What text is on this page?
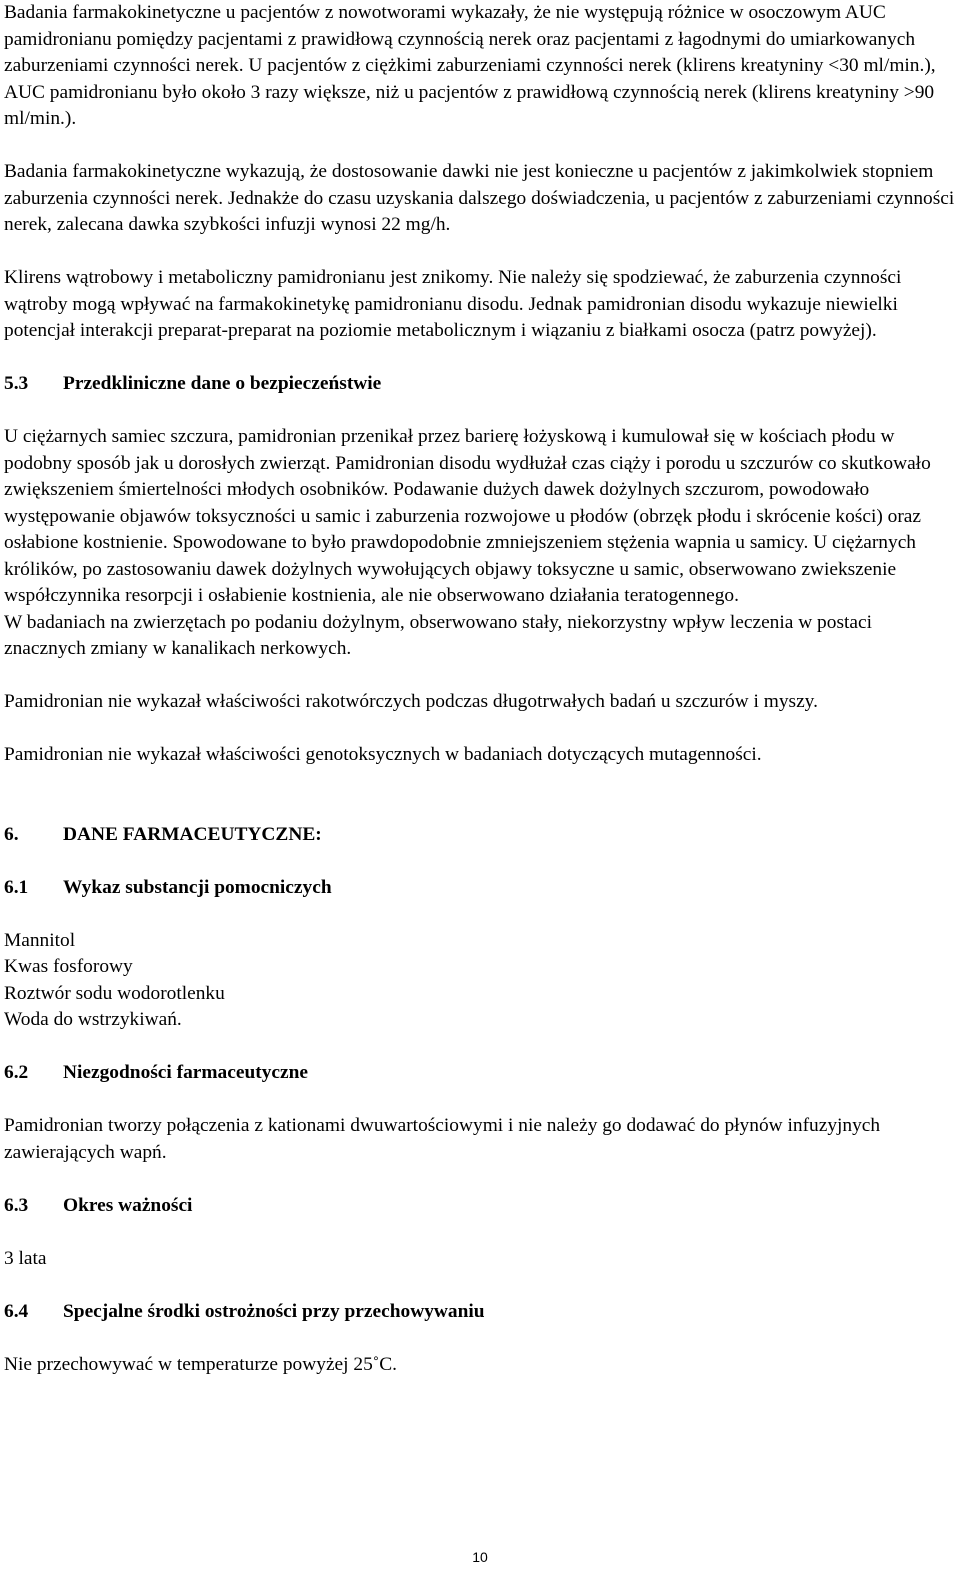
Badania farmakokinetyczne u pacjentów z nowotworami wykazały, że nie występują różnice w osoczowym AUC pamidronianu pomiędzy pacjentami z prawidłową czynnością nerek oraz pacjentami z łagodnymi do umiarkowanych zaburzeniami czynności nerek. U pacjentów z ciężkimi zaburzeniami czynności nerek (klirens kreatyniny <30 ml/min.), AUC pamidronianu było około 3 razy większe, niż u pacjentów z prawidłową czynnością nerek (klirens kreatyniny >90 ml/min.).

Badania farmakokinetyczne wykazują, że dostosowanie dawki nie jest konieczne u pacjentów z jakimkolwiek stopniem zaburzenia czynności nerek. Jednakże do czasu uzyskania dalszego doświadczenia, u pacjentów z zaburzeniami czynności nerek, zalecana dawka szybkości infuzji wynosi 22 mg/h.

Klirens wątrobowy i metaboliczny pamidronianu jest znikomy. Nie należy się spodziewać, że zaburzenia czynności wątroby mogą wpływać na farmakokinetykę pamidronianu disodu. Jednak pamidronian disodu wykazuje niewielki potencjał interakcji preparat-preparat na poziomie metabolicznym i wiązaniu z białkami osocza (patrz powyżej).

5.3	Przedkliniczne dane o bezpieczeństwie

U ciężarnych samiec szczura, pamidronian przenikał przez barierę łożyskową i kumulował się w kościach płodu w podobny sposób jak u dorosłych zwierząt. Pamidronian disodu wydłużał czas ciąży i porodu u szczurów co skutkowało zwiększeniem śmiertelności młodych osobników. Podawanie dużych dawek dożylnych szczurom, powodowało występowanie objawów toksyczności u samic i zaburzenia rozwojowe u płodów (obrzęk płodu i skrócenie kości) oraz osłabione kostnienie. Spowodowane to było prawdopodobnie zmniejszeniem stężenia wapnia u samicy. U ciężarnych królików, po zastosowaniu dawek dożylnych wywołujących objawy toksyczne u samic, obserwowano zwiekszenie współczynnika resorpcji i osłabienie kostnienia, ale nie obserwowano działania teratogennego.

W badaniach na zwierzętach po podaniu dożylnym, obserwowano stały, niekorzystny wpływ leczenia w postaci znacznych zmiany w kanalikach nerkowych.

Pamidronian nie wykazał właściwości rakotwórczych podczas długotrwałych badań u szczurów i myszy.

Pamidronian nie wykazał właściwości genotoksycznych w badaniach dotyczących mutagenności.

6.	DANE FARMACEUTYCZNE:
6.1	Wykaz substancji pomocniczych

Mannitol

Kwas fosforowy

Roztwór sodu wodorotlenku

Woda do wstrzykiwań.

6.2	Niezgodności farmaceutyczne

Pamidronian tworzy połączenia z kationami dwuwartościowymi i nie należy go dodawać do płynów infuzyjnych zawierających wapń.

6.3	Okres ważności

3 lata

6.4	Specjalne środki ostrożności przy przechowywaniu

Nie przechowywać w temperaturze powyżej 25˚C.

10
